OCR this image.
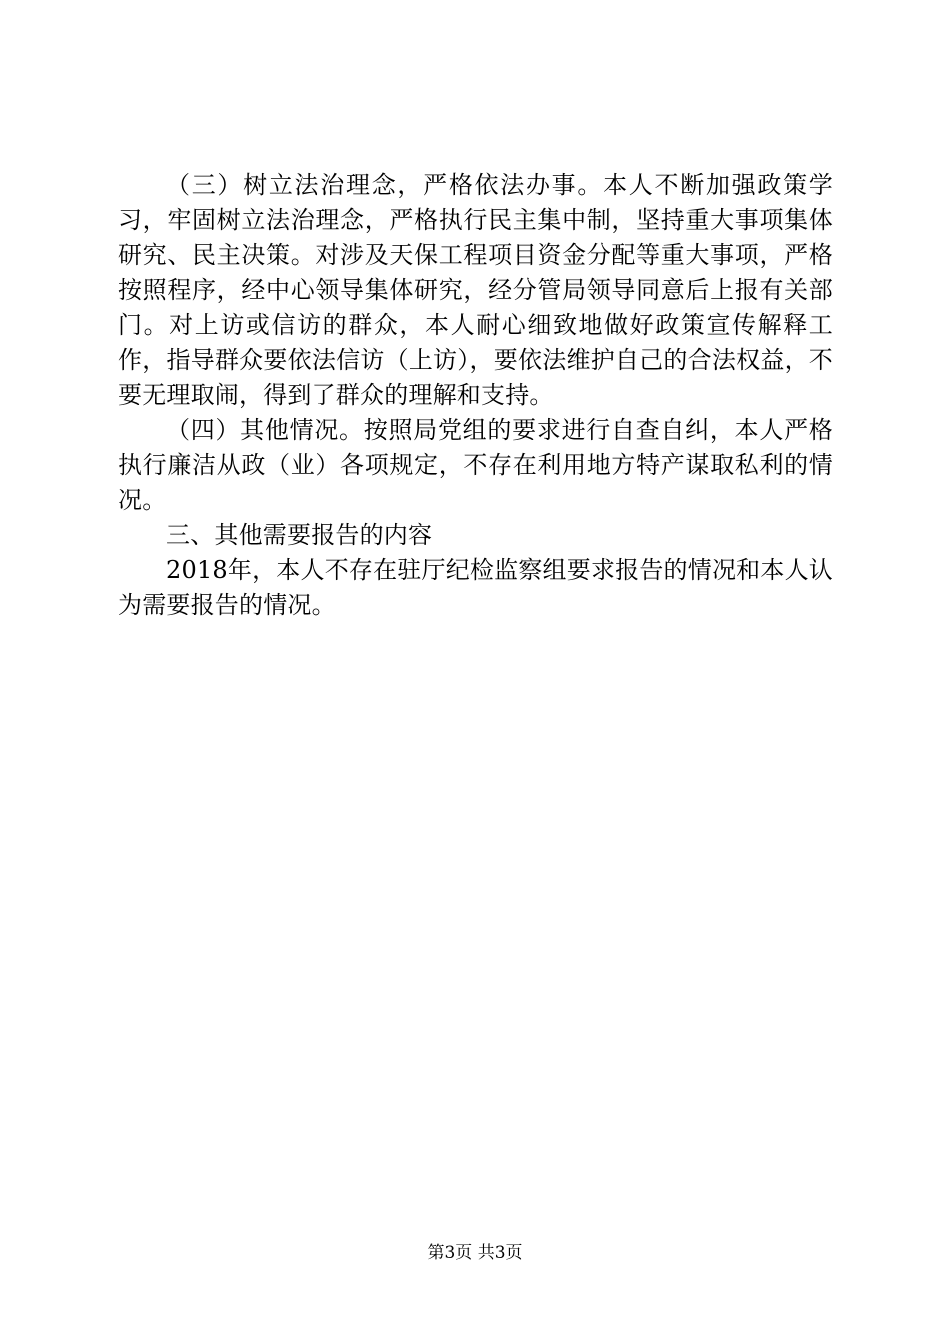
（三）树立法治理念，严格依法办事。本人不断加强政策学习，牢固树立法治理念，严格执行民主集中制，坚持重大事项集体研究、民主决策。对涉及天保工程项目资金分配等重大事项，严格按照程序，经中心领导集体研究，经分管局领导同意后上报有关部门。对上访或信访的群众，本人耐心细致地做好政策宣传解释工作，指导群众要依法信访（上访），要依法维护自己的合法权益，不要无理取闹，得到了群众的理解和支持。

（四）其他情况。按照局党组的要求进行自查自纠，本人严格执行廉洁从政（业）各项规定，不存在利用地方特产谋取私利的情况。

三、其他需要报告的内容

2018年，本人不存在驻厅纪检监察组要求报告的情况和本人认为需要报告的情况。

第3页 共3页
